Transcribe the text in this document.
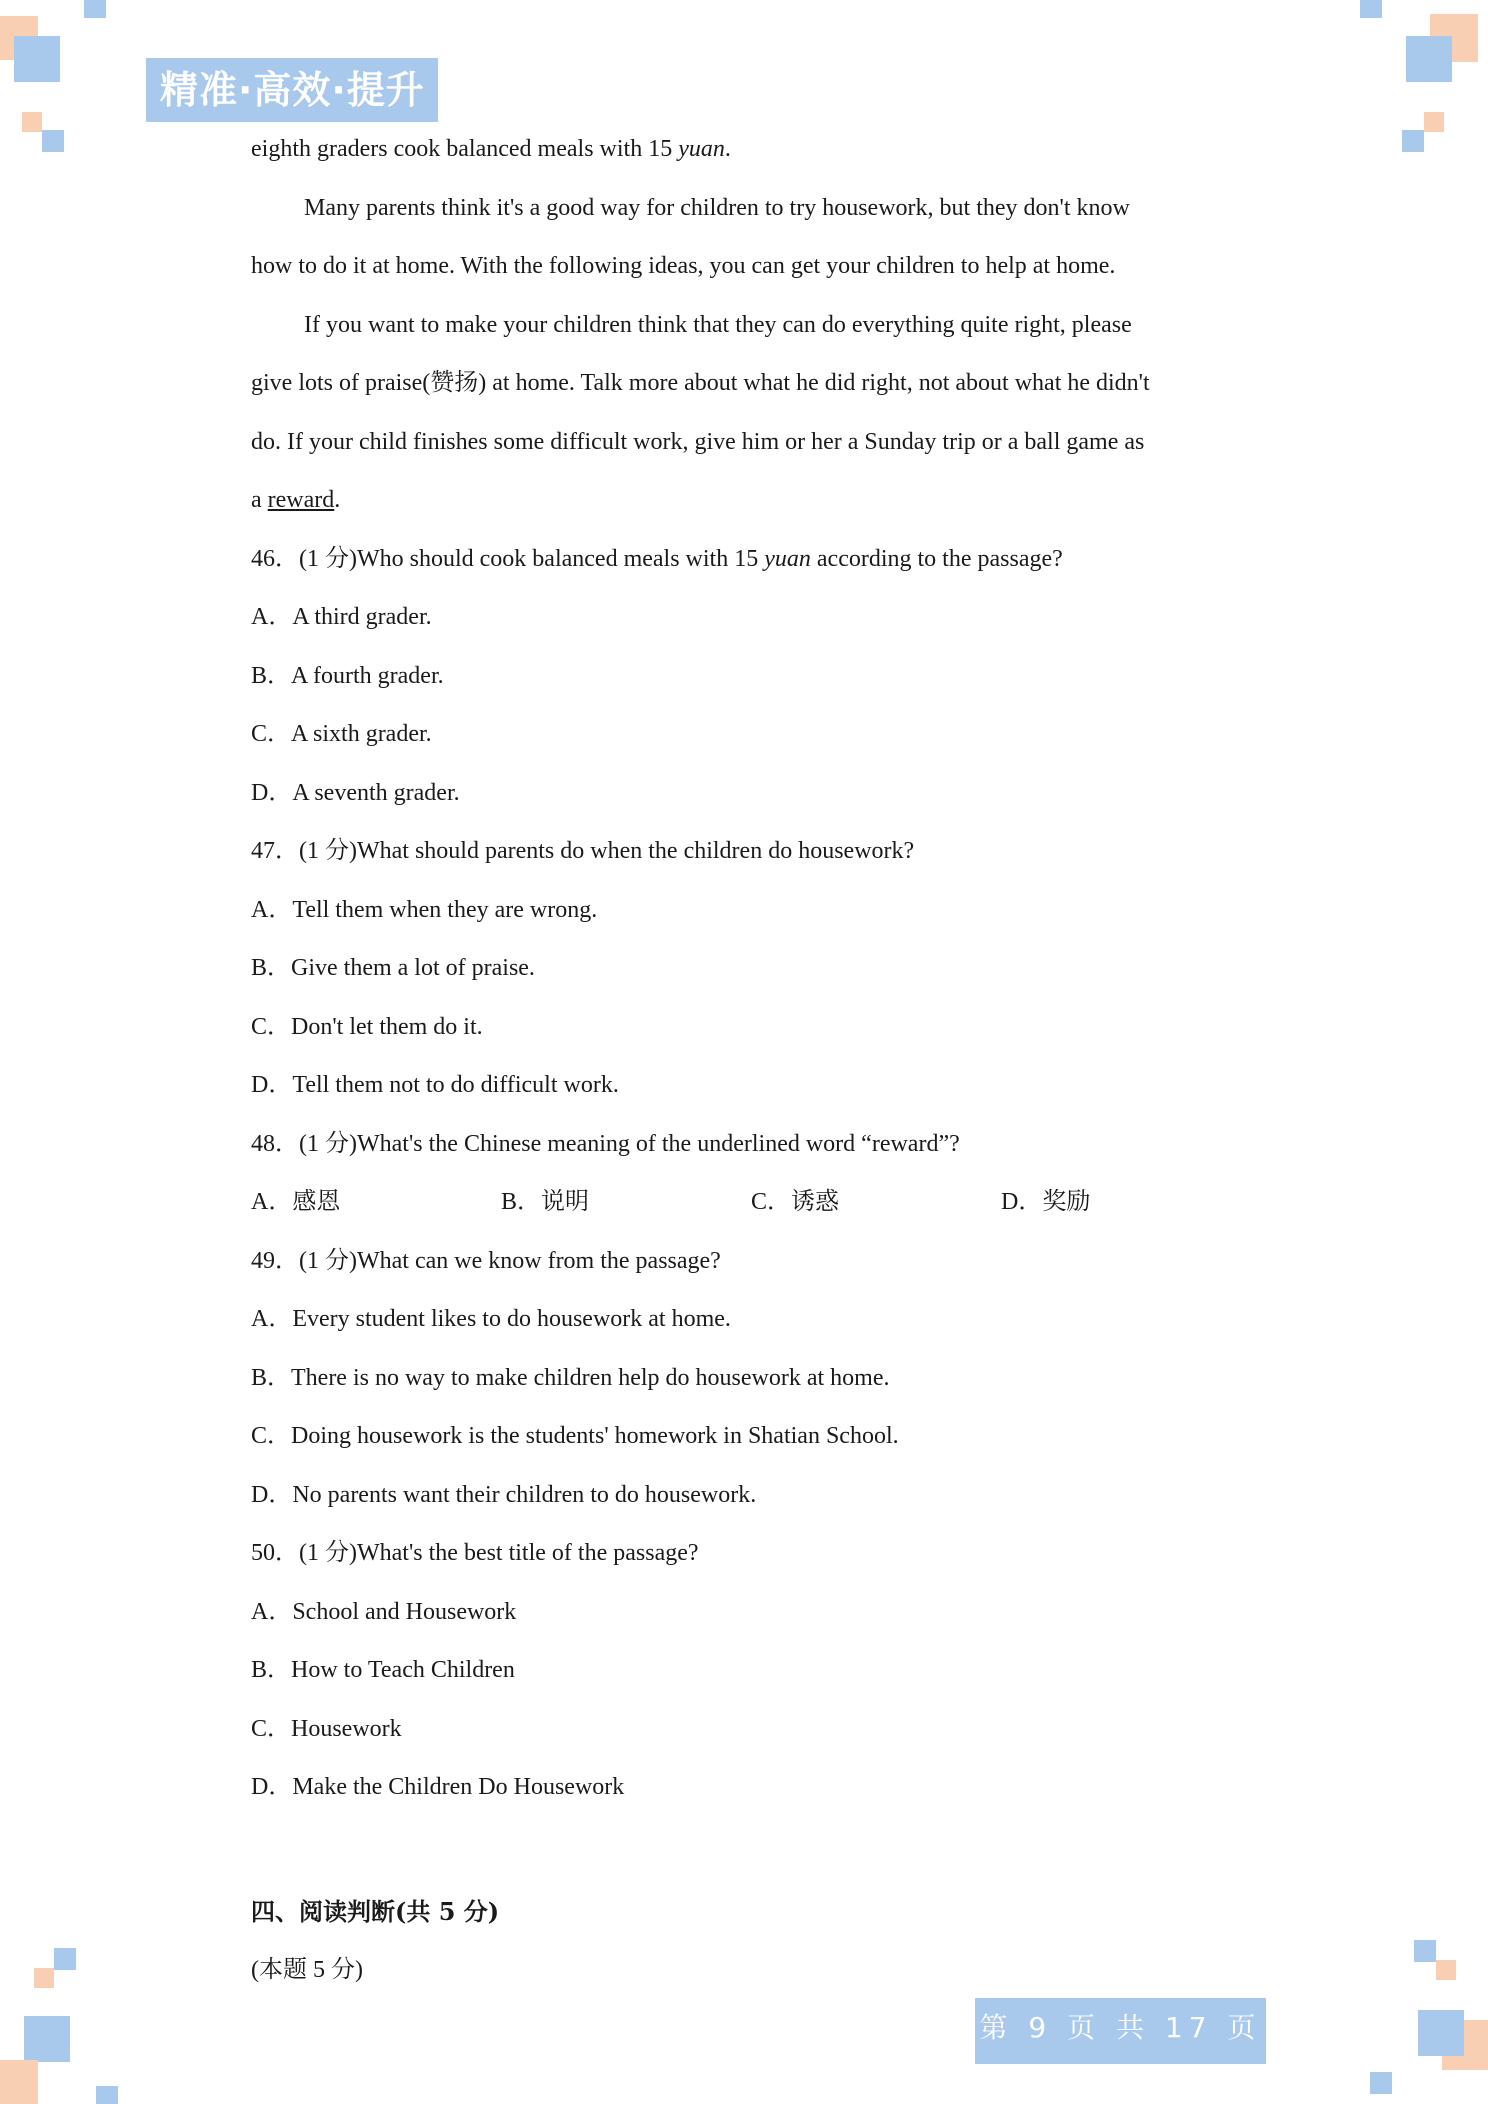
精准·高效·提升
eighth graders cook balanced meals with 15 yuan.
Many parents think it's a good way for children to try housework, but they don't know
how to do it at home. With the following ideas, you can get your children to help at home.
If you want to make your children think that they can do everything quite right, please
give lots of praise(赞扬) at home. Talk more about what he did right, not about what he didn't
do. If your child finishes some difficult work, give him or her a Sunday trip or a ball game as
a reward.
46．(1 分)Who should cook balanced meals with 15 yuan according to the passage?
A．A third grader.
B．A fourth grader.
C．A sixth grader.
D．A seventh grader.
47．(1 分)What should parents do when the children do housework?
A．Tell them when they are wrong.
B．Give them a lot of praise.
C．Don't let them do it.
D．Tell them not to do difficult work.
48．(1 分)What's the Chinese meaning of the underlined word “reward”?
A．感恩	B．说明	C．诱惑	D．奖励
49．(1 分)What can we know from the passage?
A．Every student likes to do housework at home.
B．There is no way to make children help do housework at home.
C．Doing housework is the students' homework in Shatian School.
D．No parents want their children to do housework.
50．(1 分)What's the best title of the passage?
A．School and Housework
B．How to Teach Children
C．Housework
D．Make the Children Do Housework
四、阅读判断(共 5 分)
(本题 5 分)
第 9 页 共 17 页
